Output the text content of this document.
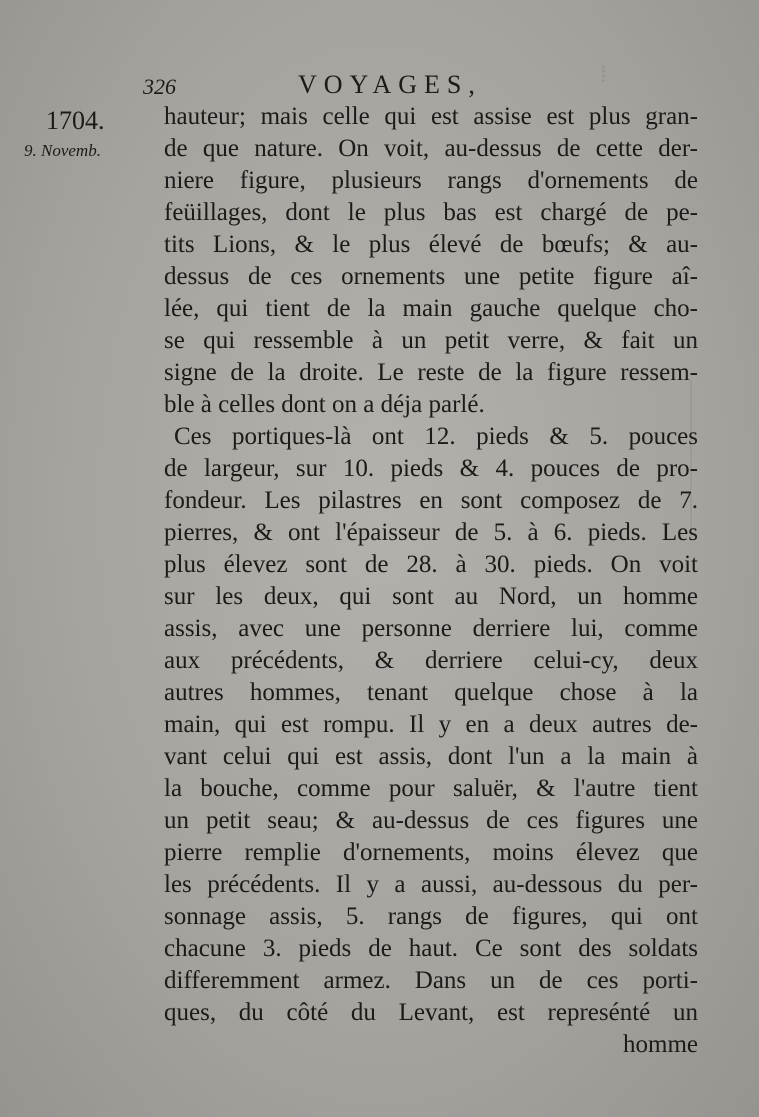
⁞
326	VOYAGES,
1704.
9. Novemb.
hauteur; mais celle qui est assise est plus gran-
de que nature. On voit, au-dessus de cette der-
niere figure, plusieurs rangs d'ornements de
feüillages, dont le plus bas est chargé de pe-
tits Lions, & le plus élevé de bœufs; & au-
dessus de ces ornements une petite figure aî-
lée, qui tient de la main gauche quelque cho-
se qui ressemble à un petit verre, & fait un
signe de la droite. Le reste de la figure ressem-
ble à celles dont on a déja parlé.
Ces portiques-là ont 12. pieds & 5. pouces
de largeur, sur 10. pieds & 4. pouces de pro-
fondeur. Les pilastres en sont composez de 7.
pierres, & ont l'épaisseur de 5. à 6. pieds. Les
plus élevez sont de 28. à 30. pieds. On voit
sur les deux, qui sont au Nord, un homme
assis, avec une personne derriere lui, comme
aux précédents, & derriere celui-cy, deux
autres hommes, tenant quelque chose à la
main, qui est rompu. Il y en a deux autres de-
vant celui qui est assis, dont l'un a la main à
la bouche, comme pour saluër, & l'autre tient
un petit seau; & au-dessus de ces figures une
pierre remplie d'ornements, moins élevez que
les précédents. Il y a aussi, au-dessous du per-
sonnage assis, 5. rangs de figures, qui ont
chacune 3. pieds de haut. Ce sont des soldats
differemment armez. Dans un de ces porti-
ques, du côté du Levant, est represénté un
homme
